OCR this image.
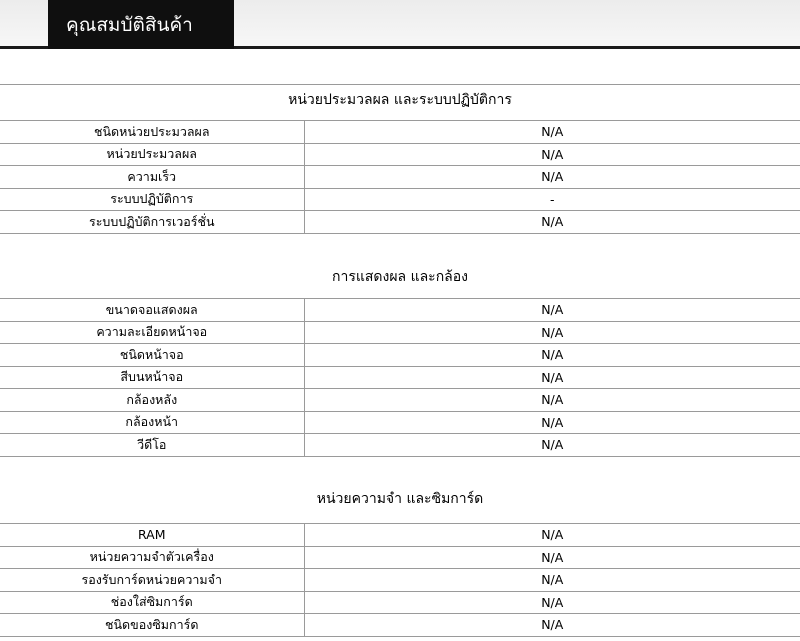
คุณสมบัติสินค้า
หน่วยประมวลผล และระบบปฏิบัติการ
ชนิดหน่วยประมวลผล	N/A
หน่วยประมวลผล	N/A
ความเร็ว	N/A
ระบบปฏิบัติการ	-
ระบบปฏิบัติการเวอร์ชั่น	N/A
การแสดงผล และกล้อง
ขนาดจอแสดงผล	N/A
ความละเอียดหน้าจอ	N/A
ชนิดหน้าจอ	N/A
สีบนหน้าจอ	N/A
กล้องหลัง	N/A
กล้องหน้า	N/A
วีดีโอ	N/A
หน่วยความจำ และซิมการ์ด
RAM	N/A
หน่วยความจำตัวเครื่อง	N/A
รองรับการ์ดหน่วยความจำ	N/A
ช่องใส่ซิมการ์ด	N/A
ชนิดของซิมการ์ด	N/A
